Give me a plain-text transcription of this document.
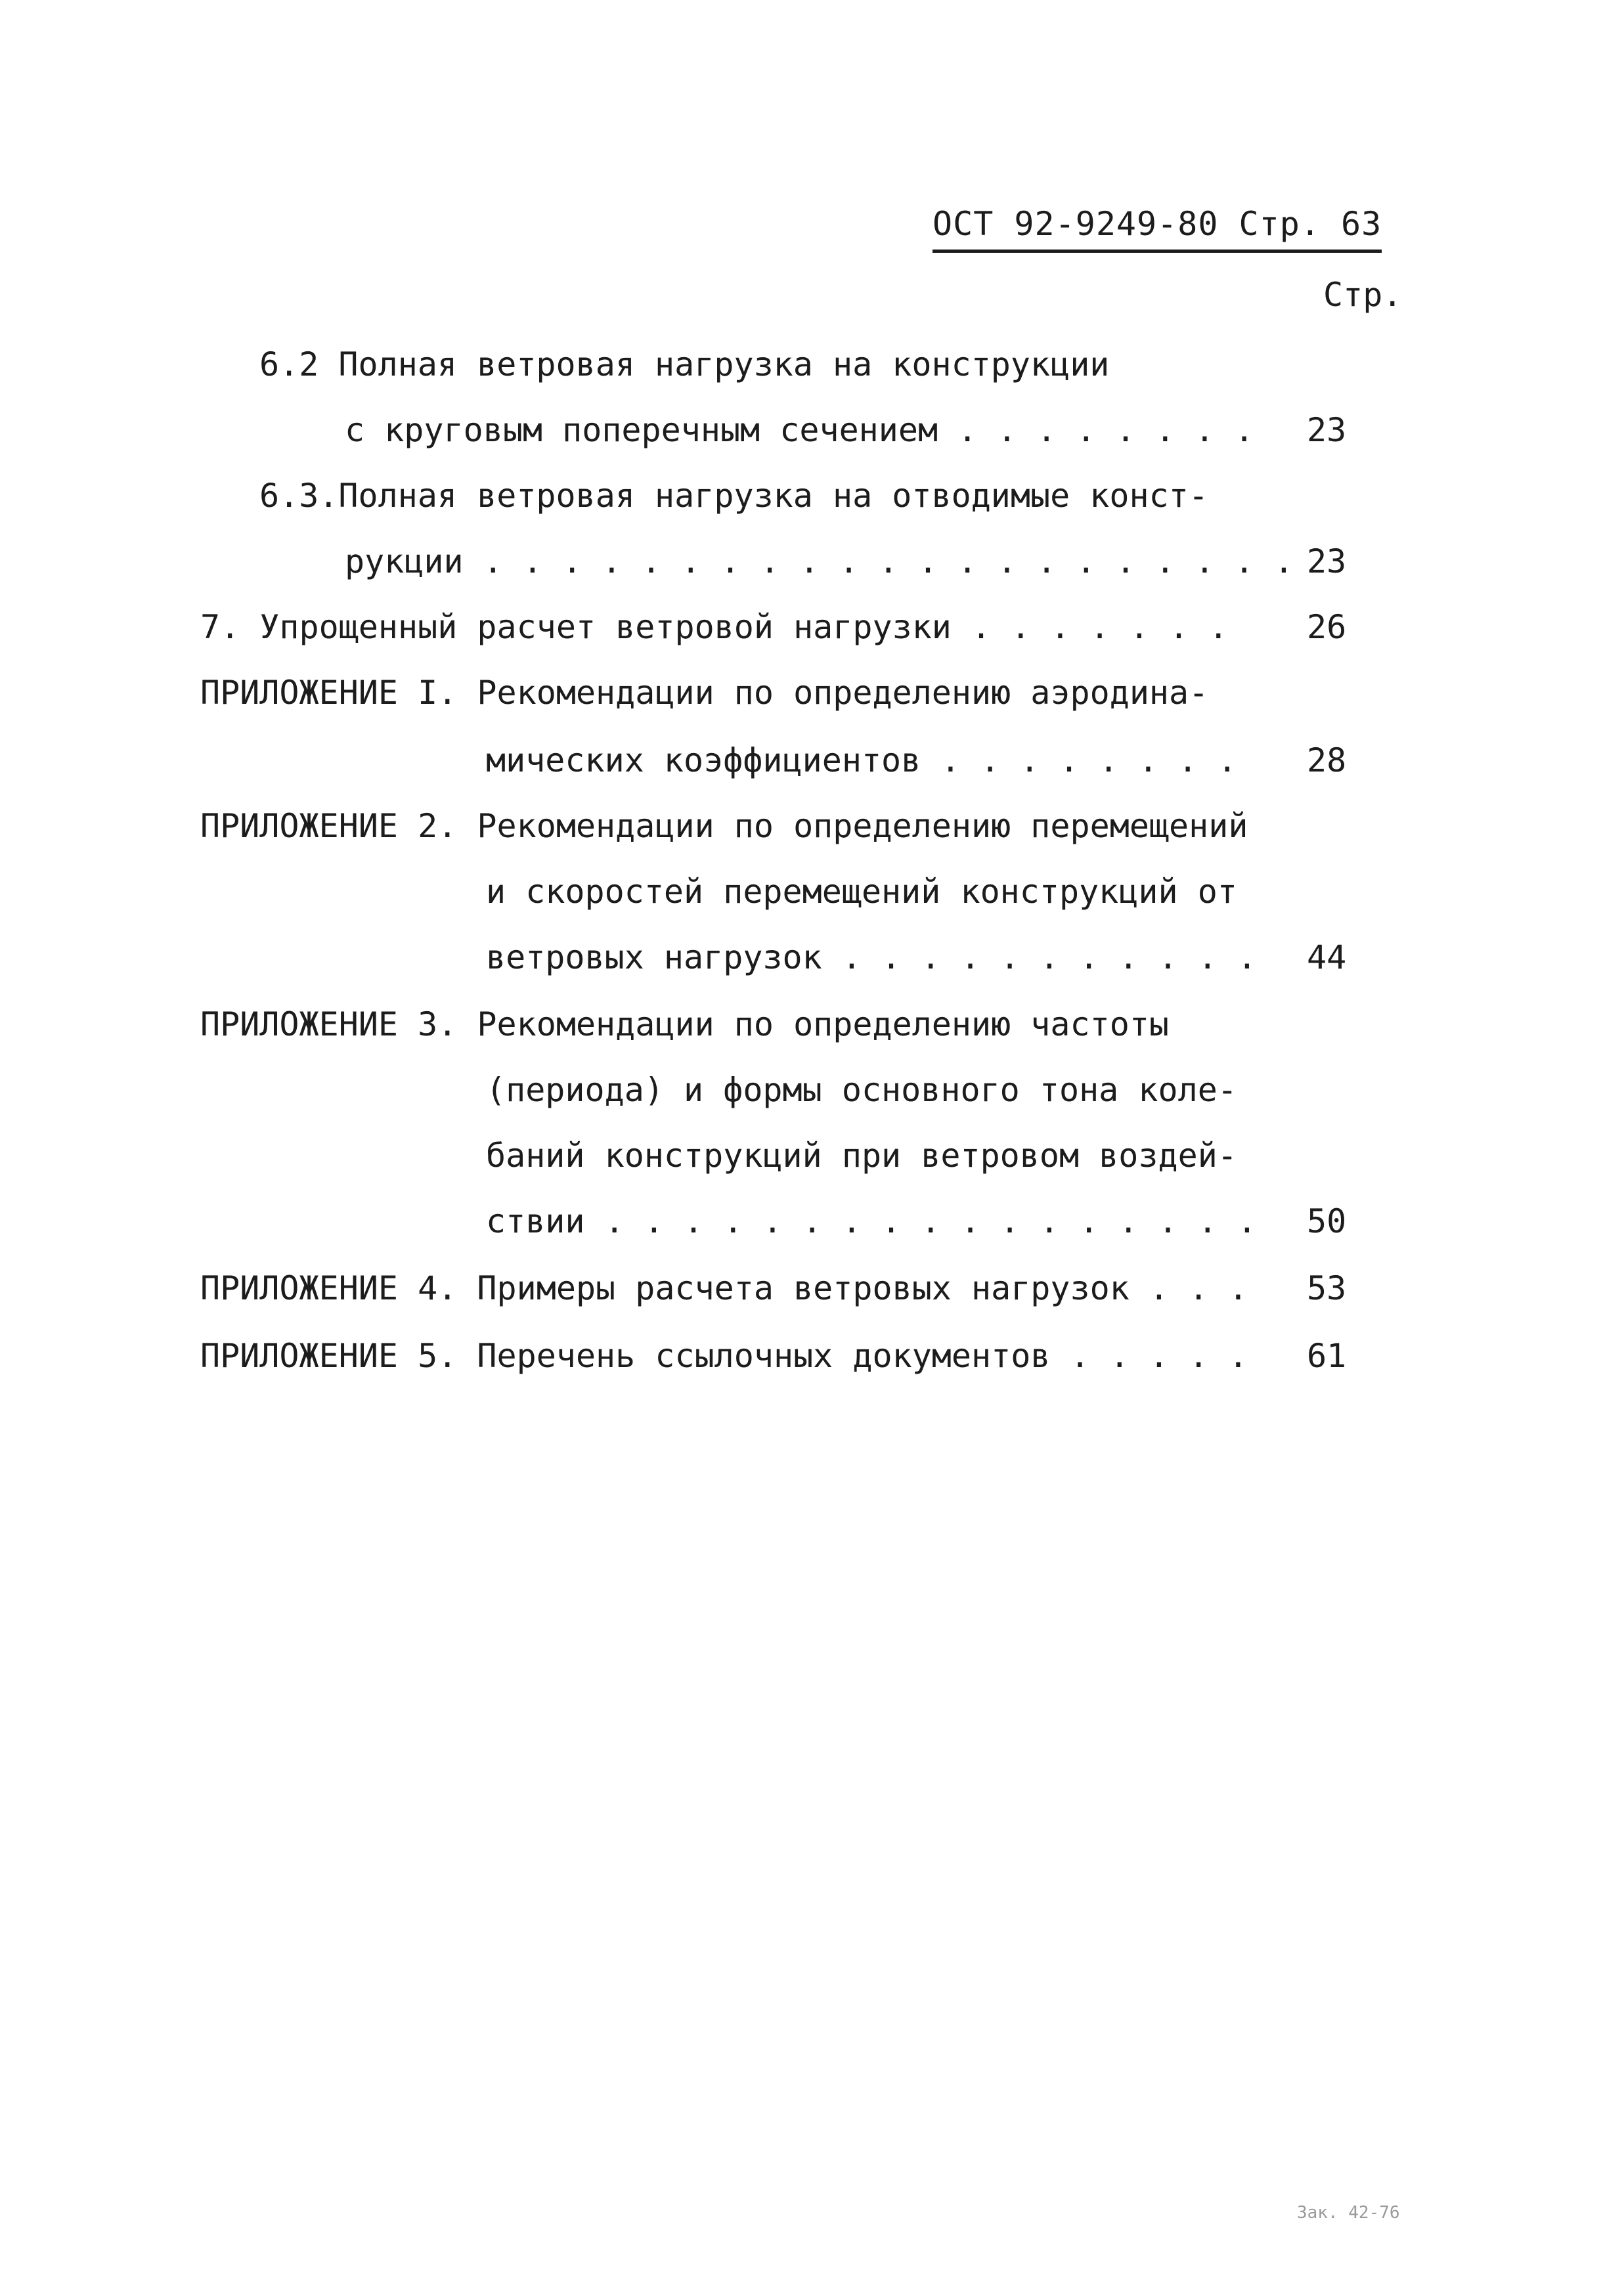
ОСТ 92-9249-80 Стр. 63
Стр.
6.2 Полная ветровая нагрузка на конструкции
с круговым поперечным сечением . . . . . . . . 23
6.3.Полная ветровая нагрузка на отводимые конст-
рукции . . . . . . . . . . . . . . . . . . . . . 23
7. Упрощенный расчет ветровой нагрузки . . . . . . . 26
ПРИЛОЖЕНИЕ I. Рекомендации по определению аэродина-
мических коэффициентов . . . . . . . . 28
ПРИЛОЖЕНИЕ 2. Рекомендации по определению перемещений
и скоростей перемещений конструкций от
ветровых нагрузок . . . . . . . . . . . 44
ПРИЛОЖЕНИЕ 3. Рекомендации по определению частоты
(периода) и формы основного тона коле-
баний конструкций при ветровом воздей-
ствии . . . . . . . . . . . . . . . . . 50
ПРИЛОЖЕНИЕ 4. Примеры расчета ветровых нагрузок . . . 53
ПРИЛОЖЕНИЕ 5. Перечень ссылочных документов . . . . . 61
Зак. 42-76
